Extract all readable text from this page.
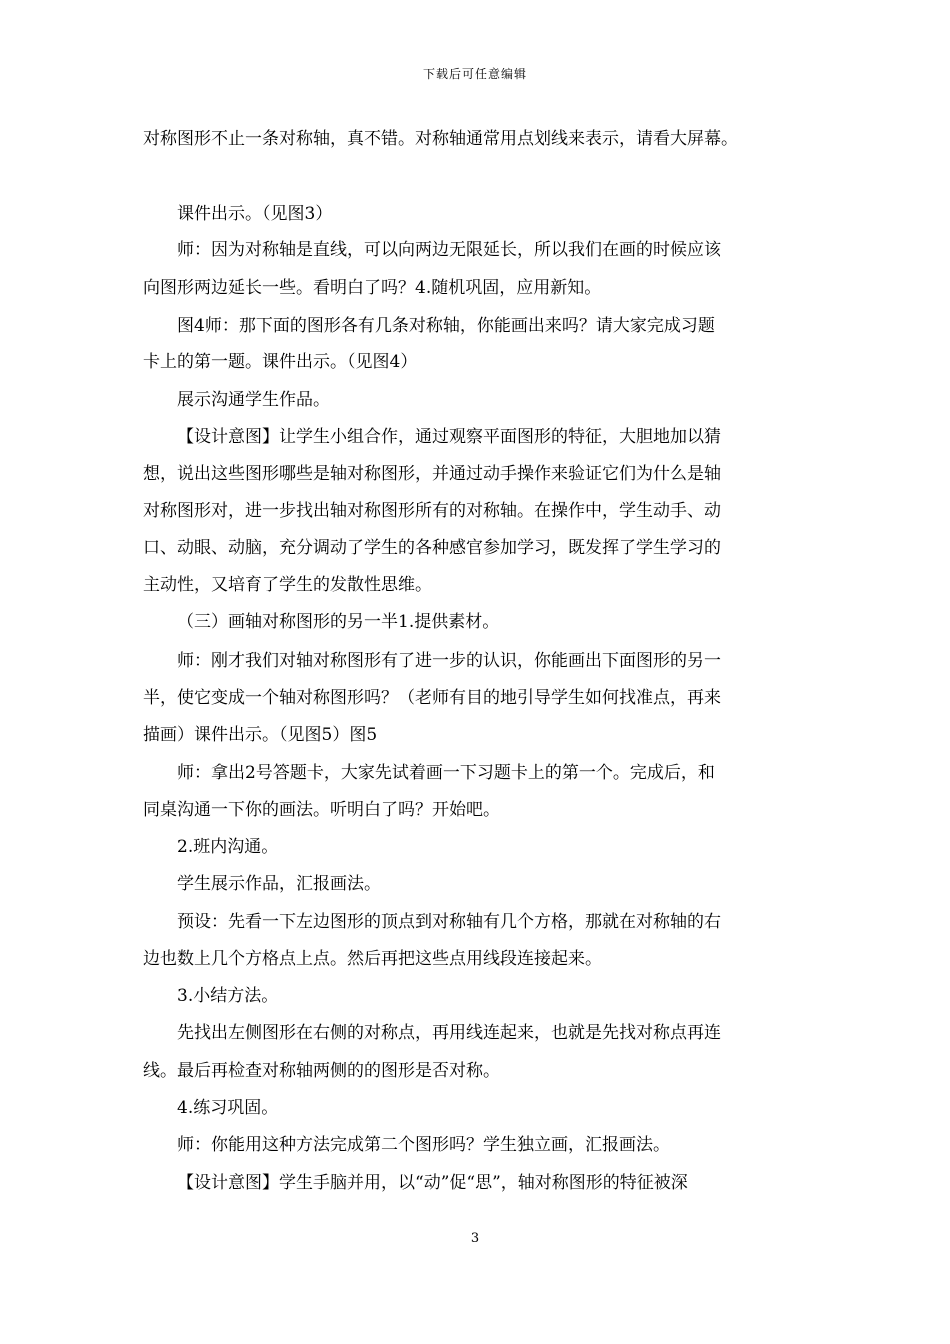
下载后可任意编辑
对称图形不止一条对称轴，真不错。对称轴通常用点划线来表示，请看大屏幕。
课件出示。（见图3）
师：因为对称轴是直线，可以向两边无限延长，所以我们在画的时候应该
向图形两边延长一些。看明白了吗？4.随机巩固，应用新知。
图4师：那下面的图形各有几条对称轴，你能画出来吗？请大家完成习题
卡上的第一题。课件出示。（见图4）
展示沟通学生作品。
【设计意图】让学生小组合作，通过观察平面图形的特征，大胆地加以猜
想，说出这些图形哪些是轴对称图形，并通过动手操作来验证它们为什么是轴
对称图形对，进一步找出轴对称图形所有的对称轴。在操作中，学生动手、动
口、动眼、动脑，充分调动了学生的各种感官参加学习，既发挥了学生学习的
主动性，又培育了学生的发散性思维。
（三）画轴对称图形的另一半1.提供素材。
师：刚才我们对轴对称图形有了进一步的认识，你能画出下面图形的另一
半，使它变成一个轴对称图形吗？（老师有目的地引导学生如何找准点，再来
描画）课件出示。（见图5）图5
师：拿出2号答题卡，大家先试着画一下习题卡上的第一个。完成后，和
同桌沟通一下你的画法。听明白了吗？开始吧。
2.班内沟通。
学生展示作品，汇报画法。
预设：先看一下左边图形的顶点到对称轴有几个方格，那就在对称轴的右
边也数上几个方格点上点。然后再把这些点用线段连接起来。
3.小结方法。
先找出左侧图形在右侧的对称点，再用线连起来，也就是先找对称点再连
线。最后再检查对称轴两侧的的图形是否对称。
4.练习巩固。
师：你能用这种方法完成第二个图形吗？学生独立画，汇报画法。
【设计意图】学生手脑并用，以“动”促“思”，轴对称图形的特征被深
3
